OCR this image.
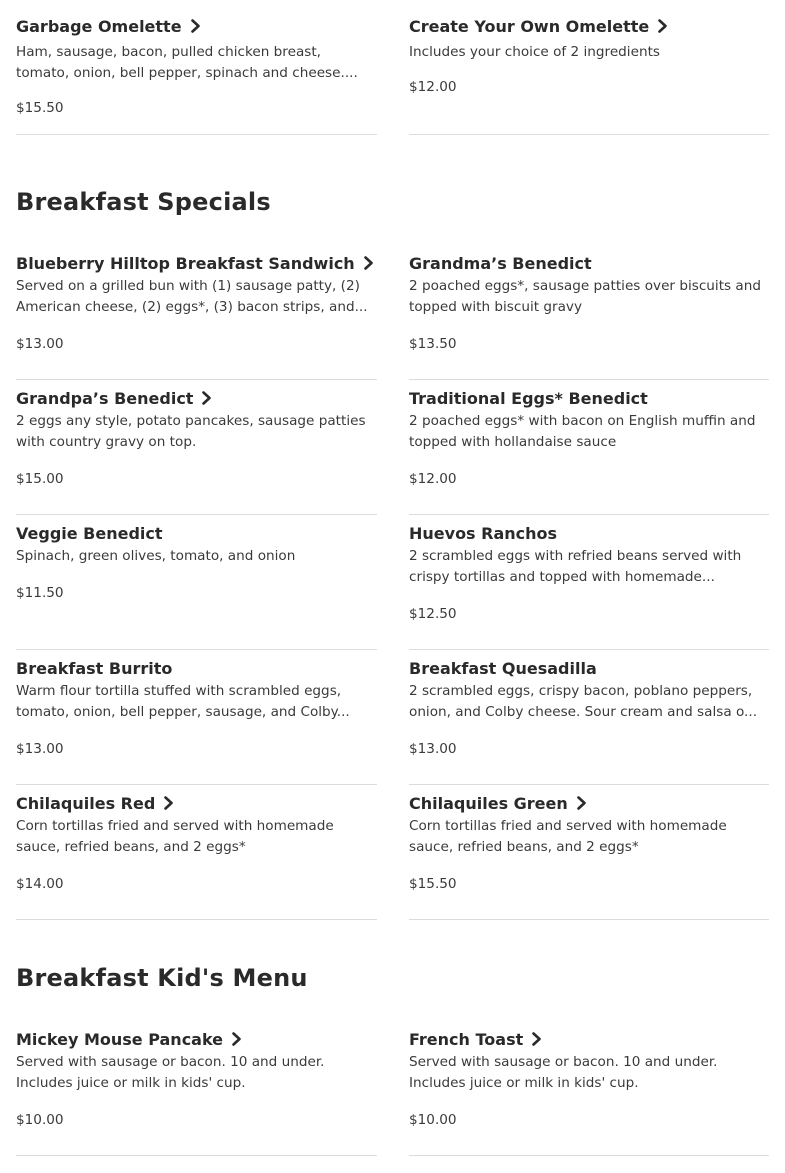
Garbage Omelette
Ham, sausage, bacon, pulled chicken breast, tomato, onion, bell pepper, spinach and cheese....
$15.50
Create Your Own Omelette
Includes your choice of 2 ingredients
$12.00
Breakfast Specials
Blueberry Hilltop Breakfast Sandwich
Served on a grilled bun with (1) sausage patty, (2) American cheese, (2) eggs*, (3) bacon strips, and...
$13.00
Grandma’s Benedict
2 poached eggs*, sausage patties over biscuits and topped with biscuit gravy
$13.50
Grandpa’s Benedict
2 eggs any style, potato pancakes, sausage patties with country gravy on top.
$15.00
Traditional Eggs* Benedict
2 poached eggs* with bacon on English muffin and topped with hollandaise sauce
$12.00
Veggie Benedict
Spinach, green olives, tomato, and onion
$11.50
Huevos Ranchos
2 scrambled eggs with refried beans served with crispy tortillas and topped with homemade...
$12.50
Breakfast Burrito
Warm flour tortilla stuffed with scrambled eggs, tomato, onion, bell pepper, sausage, and Colby...
$13.00
Breakfast Quesadilla
2 scrambled eggs, crispy bacon, poblano peppers, onion, and Colby cheese. Sour cream and salsa o...
$13.00
Chilaquiles Red
Corn tortillas fried and served with homemade sauce, refried beans, and 2 eggs*
$14.00
Chilaquiles Green
Corn tortillas fried and served with homemade sauce, refried beans, and 2 eggs*
$15.50
Breakfast Kid's Menu
Mickey Mouse Pancake
Served with sausage or bacon. 10 and under. Includes juice or milk in kids' cup.
$10.00
French Toast
Served with sausage or bacon. 10 and under. Includes juice or milk in kids' cup.
$10.00
